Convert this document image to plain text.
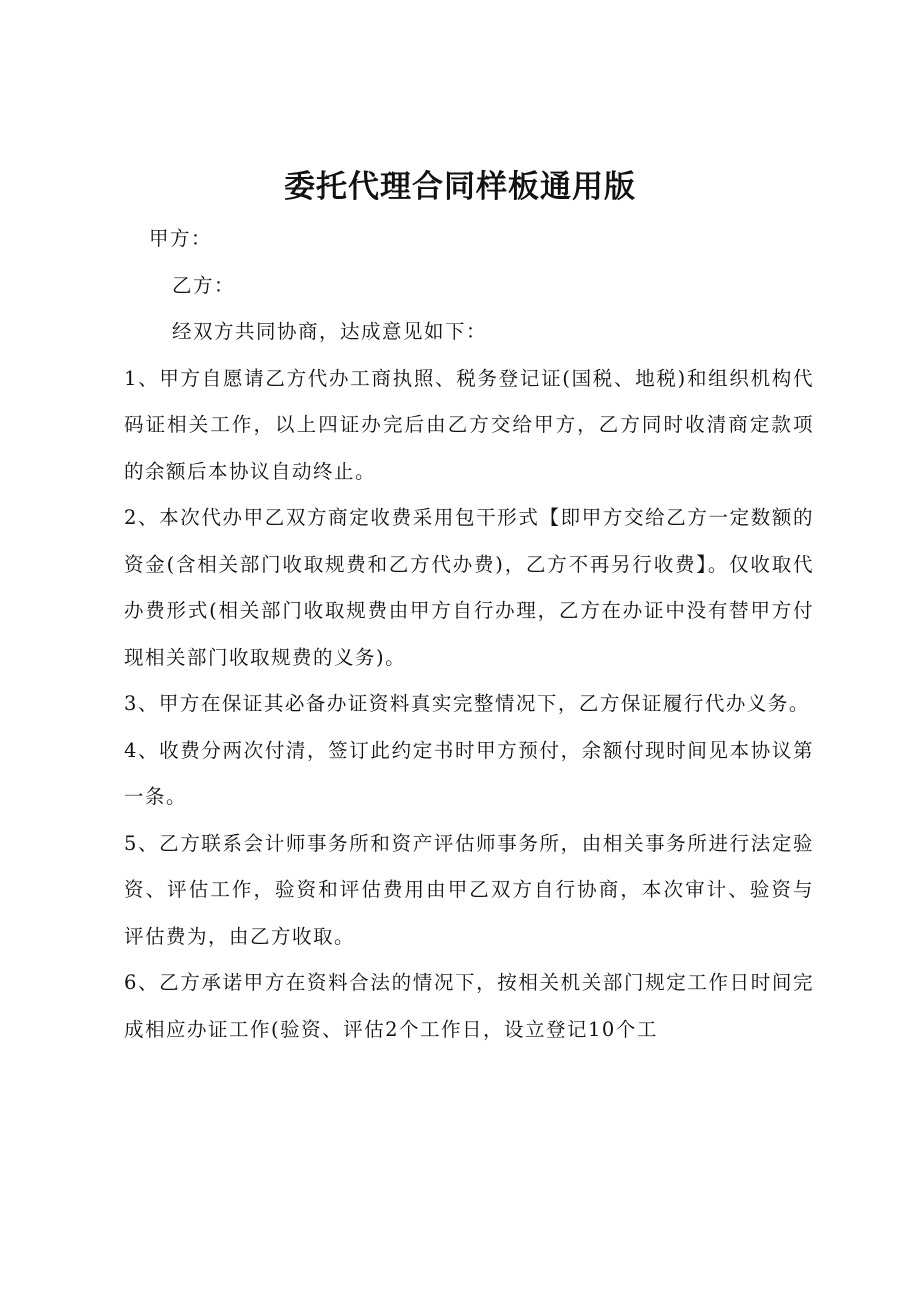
委托代理合同样板通用版

甲方：

乙方：

经双方共同协商，达成意见如下：

1、甲方自愿请乙方代办工商执照、税务登记证(国税、地税)和组织机构代码证相关工作，以上四证办完后由乙方交给甲方，乙方同时收清商定款项的余额后本协议自动终止。

2、本次代办甲乙双方商定收费采用包干形式【即甲方交给乙方一定数额的资金(含相关部门收取规费和乙方代办费)，乙方不再另行收费】。仅收取代办费形式(相关部门收取规费由甲方自行办理，乙方在办证中没有替甲方付现相关部门收取规费的义务)。

3、甲方在保证其必备办证资料真实完整情况下，乙方保证履行代办义务。

4、收费分两次付清，签订此约定书时甲方预付，余额付现时间见本协议第一条。

5、乙方联系会计师事务所和资产评估师事务所，由相关事务所进行法定验资、评估工作，验资和评估费用由甲乙双方自行协商，本次审计、验资与评估费为，由乙方收取。

6、乙方承诺甲方在资料合法的情况下，按相关机关部门规定工作日时间完成相应办证工作(验资、评估2个工作日，设立登记10个工
